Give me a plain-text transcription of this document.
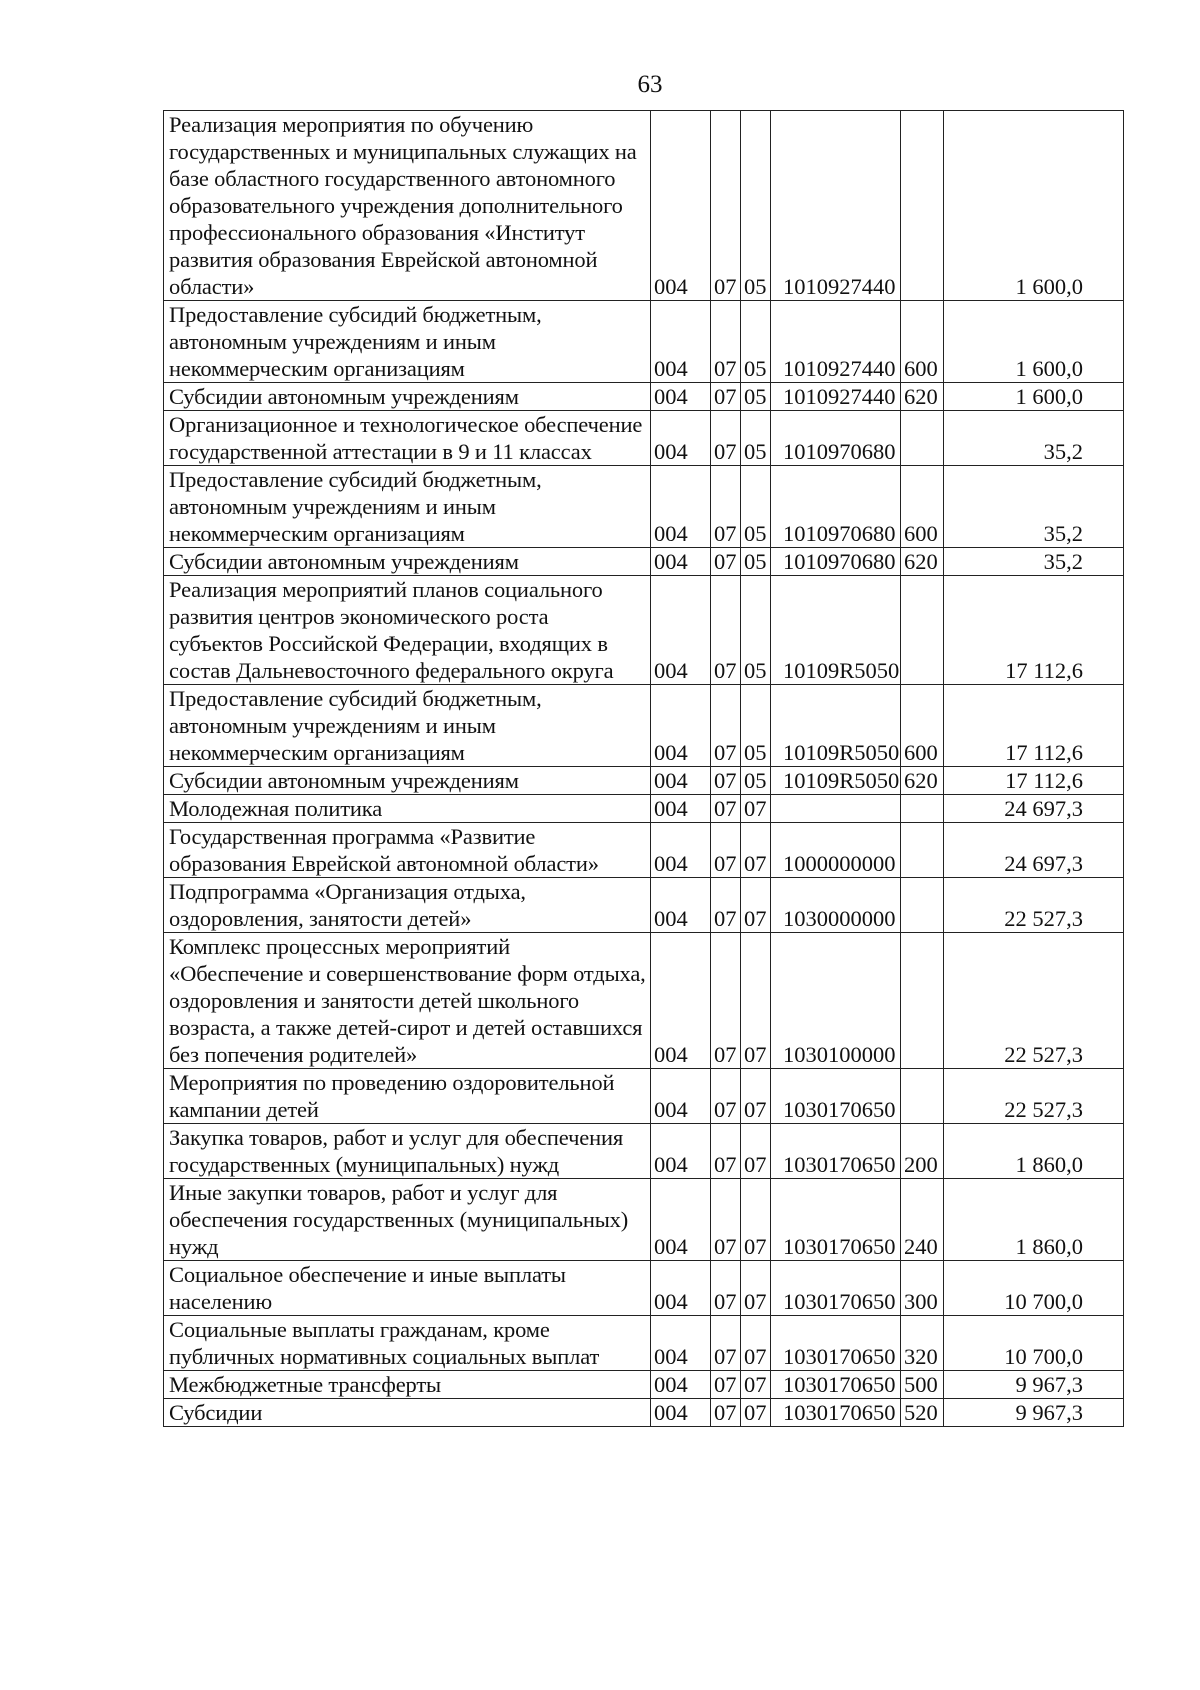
63
Реализация мероприятия по обучению государственных и муниципальных служащих на базе областного государственного автономного образовательного учреждения дополнительного профессионального образования «Институт развития образования Еврейской автономной области»	004	07	05	1010927440		1 600,0
Предоставление субсидий бюджетным, автономным учреждениям и иным некоммерческим организациям	004	07	05	1010927440	600	1 600,0
Субсидии автономным учреждениям	004	07	05	1010927440	620	1 600,0
Организационное и технологическое обеспечение государственной аттестации в 9 и 11 классах	004	07	05	1010970680		35,2
Предоставление субсидий бюджетным, автономным учреждениям и иным некоммерческим организациям	004	07	05	1010970680	600	35,2
Субсидии автономным учреждениям	004	07	05	1010970680	620	35,2
Реализация мероприятий планов социального развития центров экономического роста субъектов Российской Федерации, входящих в состав Дальневосточного федерального округа	004	07	05	10109R5050		17 112,6
Предоставление субсидий бюджетным, автономным учреждениям и иным некоммерческим организациям	004	07	05	10109R5050	600	17 112,6
Субсидии автономным учреждениям	004	07	05	10109R5050	620	17 112,6
Молодежная политика	004	07	07			24 697,3
Государственная программа «Развитие образования Еврейской автономной области»	004	07	07	1000000000		24 697,3
Подпрограмма «Организация отдыха, оздоровления, занятости детей»	004	07	07	1030000000		22 527,3
Комплекс процессных мероприятий «Обеспечение и совершенствование форм отдыха, оздоровления и занятости детей школьного возраста, а также детей-сирот и детей оставшихся без попечения родителей»	004	07	07	1030100000		22 527,3
Мероприятия по проведению оздоровительной кампании детей	004	07	07	1030170650		22 527,3
Закупка товаров, работ и услуг для обеспечения государственных (муниципальных) нужд	004	07	07	1030170650	200	1 860,0
Иные закупки товаров, работ и услуг для обеспечения государственных (муниципальных) нужд	004	07	07	1030170650	240	1 860,0
Социальное обеспечение и иные выплаты населению	004	07	07	1030170650	300	10 700,0
Социальные выплаты гражданам, кроме публичных нормативных социальных выплат	004	07	07	1030170650	320	10 700,0
Межбюджетные трансферты	004	07	07	1030170650	500	9 967,3
Субсидии	004	07	07	1030170650	520	9 967,3
